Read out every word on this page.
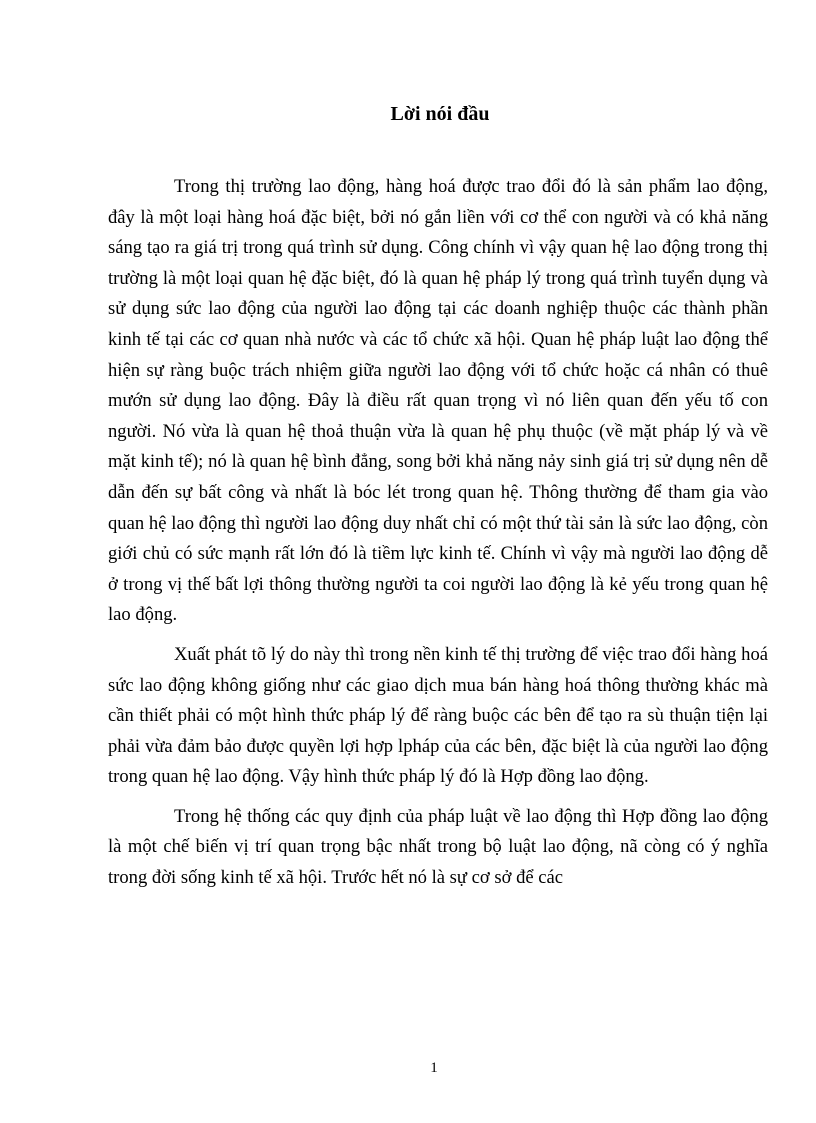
Lời nói đầu

Trong thị trường lao động, hàng hoá được trao đổi đó là sản phẩm lao động, đây là một loại hàng hoá đặc biệt, bởi nó gắn liền với cơ thể con người và có khả năng sáng tạo ra giá trị trong quá trình sử dụng. Công chính vì vậy quan hệ lao động trong thị trường là một loại quan hệ đặc biệt, đó là quan hệ pháp lý trong quá trình tuyển dụng và sử dụng sức lao động của người lao động tại các doanh nghiệp thuộc các thành phần kinh tế tại các cơ quan nhà nước và các tổ chức xã hội. Quan hệ pháp luật lao động thể hiện sự ràng buộc trách nhiệm giữa người lao động với tổ chức hoặc cá nhân có thuê mướn sử dụng lao động. Đây là điều rất quan trọng vì nó liên quan đến yếu tố con người. Nó vừa là quan hệ thoả thuận vừa là quan hệ phụ thuộc (về mặt pháp lý và về mặt kinh tế); nó là quan hệ bình đẳng, song bởi khả năng nảy sinh giá trị sử dụng nên dễ dẫn đến sự bất công và nhất là bóc lét trong quan hệ. Thông thường để tham gia vào quan hệ lao động thì người lao động duy nhất chỉ có một thứ tài sản là sức lao động, còn giới chủ có sức mạnh rất lớn đó là tiềm lực kinh tế. Chính vì vậy mà người lao động dễ ở trong vị thế bất lợi thông thường người ta coi người lao động là kẻ yếu trong quan hệ lao động.

Xuất phát tõ lý do này thì trong nền kinh tế thị trường để việc trao đổi hàng hoá sức lao động không giống như các giao dịch mua bán hàng hoá thông thường khác mà cần thiết phải có một hình thức pháp lý để ràng buộc các bên để tạo ra sù thuận tiện lại phải vừa đảm bảo được quyền lợi hợp lpháp của các bên, đặc biệt là của người lao động trong quan hệ lao động. Vậy hình thức pháp lý đó là Hợp đồng lao động.

Trong hệ thống các quy định của pháp luật về lao động thì Hợp đồng lao động là một chế biến vị trí quan trọng bậc nhất trong bộ luật lao động, nã còng có ý nghĩa trong đời sống kinh tế xã hội. Trước hết nó là sự cơ sở để các

1
